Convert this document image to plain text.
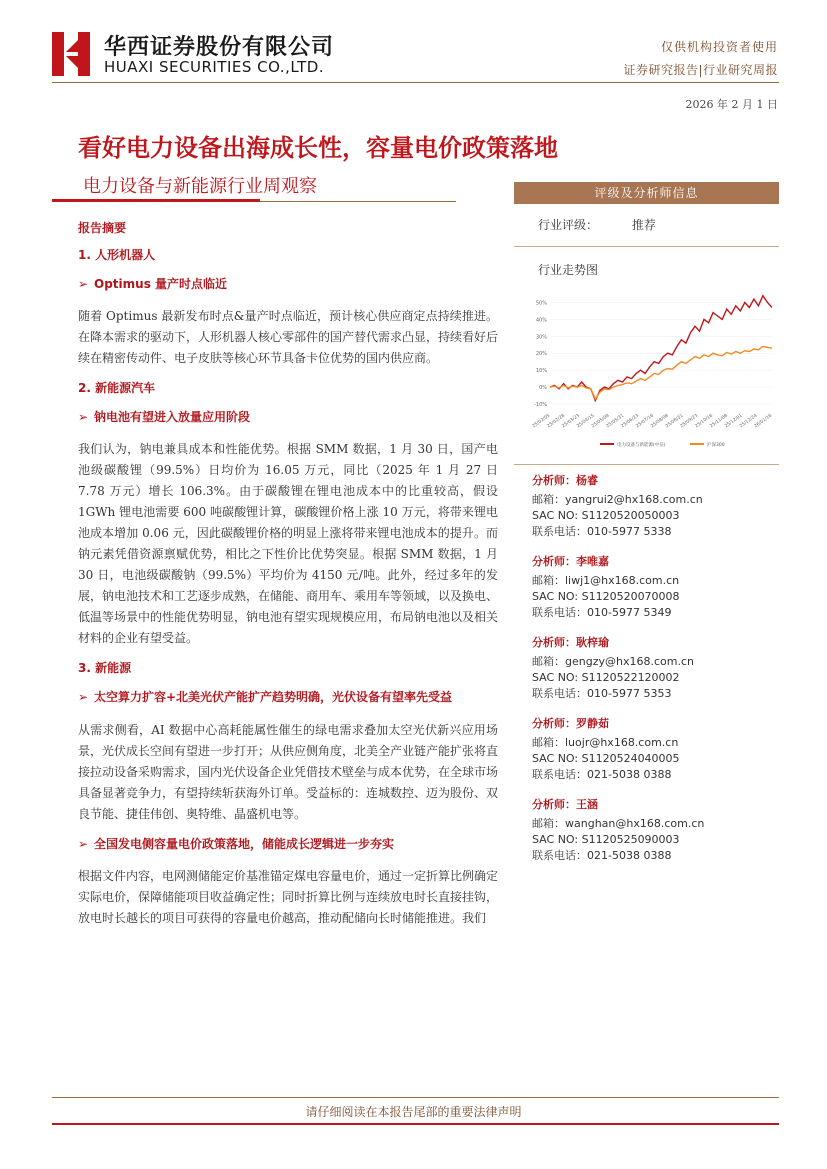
华西证券股份有限公司
HUAXI SECURITIES CO.,LTD.
仅供机构投资者使用
证券研究报告|行业研究周报
2026 年 2 月 1 日
看好电力设备出海成长性，容量电价政策落地
电力设备与新能源行业周观察
报告摘要
1. 人形机器人
➢ Optimus 量产时点临近

随着 Optimus 最新发布时点&量产时点临近，预计核心供应商定点持续推进。在降本需求的驱动下，人形机器人核心零部件的国产替代需求凸显，持续看好后续在精密传动件、电子皮肤等核心环节具备卡位优势的国内供应商。

2. 新能源汽车
➢ 钠电池有望进入放量应用阶段

我们认为，钠电兼具成本和性能优势。根据 SMM 数据，1 月 30 日，国产电池级碳酸锂（99.5%）日均价为 16.05 万元，同比（2025 年 1 月 27 日 7.78 万元）增长 106.3%。由于碳酸锂在锂电池成本中的比重较高，假设 1GWh 锂电池需要 600 吨碳酸锂计算，碳酸锂价格上涨 10 万元，将带来锂电池成本增加 0.06 元，因此碳酸锂价格的明显上涨将带来锂电池成本的提升。而钠元素凭借资源禀赋优势，相比之下性价比优势突显。根据 SMM 数据，1 月 30 日，电池级碳酸钠（99.5%）平均价为 4150 元/吨。此外，经过多年的发展，钠电池技术和工艺逐步成熟，在储能、商用车、乘用车等领域，以及换电、低温等场景中的性能优势明显，钠电池有望实现规模应用，布局钠电池以及相关材料的企业有望受益。

3. 新能源
➢ 太空算力扩容+北美光伏产能扩产趋势明确，光伏设备有望率先受益

从需求侧看，AI 数据中心高耗能属性催生的绿电需求叠加太空光伏新兴应用场景，光伏成长空间有望进一步打开；从供应侧角度，北美全产业链产能扩张将直接拉动设备采购需求，国内光伏设备企业凭借技术壁垒与成本优势，在全球市场具备显著竞争力，有望持续斩获海外订单。受益标的：连城数控、迈为股份、双良节能、捷佳伟创、奥特维、晶盛机电等。

➢ 全国发电侧容量电价政策落地，储能成长逻辑进一步夯实

根据文件内容，电网测储能定价基准锚定煤电容量电价，通过一定折算比例确定实际电价，保障储能项目收益确定性；同时折算比例与连续放电时长直接挂钩，放电时长越长的项目可获得的容量电价越高，推动配储向长时储能推进。我们

评级及分析师信息
行业评级：	推荐
行业走势图
50%
40%
30%
20%
10%
0%
-10%
25/02/05
25/02/28
25/03/23
25/04/15
25/05/08
25/05/31
25/06/23
25/07/16
25/08/08
25/08/31
25/09/23
25/10/16
25/11/08
25/12/01
25/12/24
26/01/16
电力设备与新能源(中信)	沪深300
分析师：杨睿
邮箱：yangrui2@hx168.com.cn
SAC NO: S1120520050003
联系电话：010-5977 5338
分析师：李唯嘉
邮箱：liwj1@hx168.com.cn
SAC NO: S1120520070008
联系电话：010-5977 5349
分析师：耿梓瑜
邮箱：gengzy@hx168.com.cn
SAC NO: S1120522120002
联系电话：010-5977 5353
分析师：罗静茹
邮箱：luojr@hx168.com.cn
SAC NO: S1120524040005
联系电话：021-5038 0388
分析师：王涵
邮箱：wanghan@hx168.com.cn
SAC NO: S1120525090003
联系电话：021-5038 0388
请仔细阅读在本报告尾部的重要法律声明
